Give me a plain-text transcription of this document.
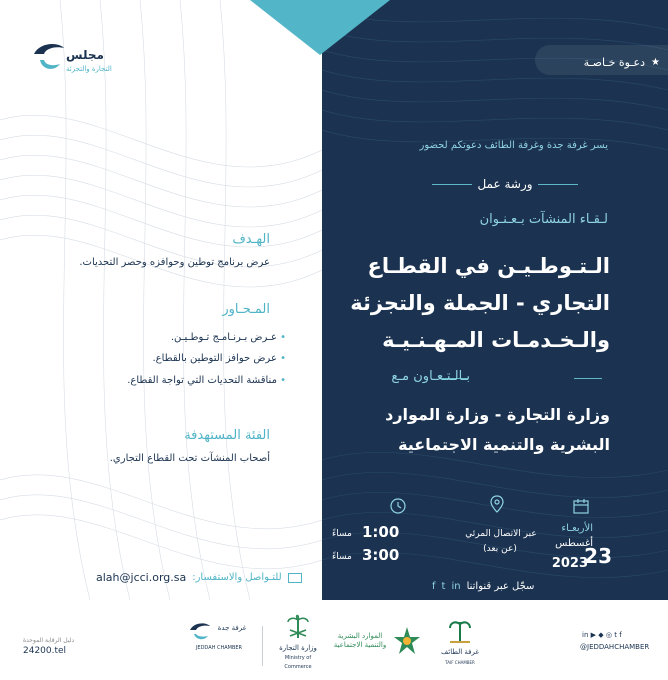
مجلس
التجارة والتجزئة
الهـدف
عرض برنامج توطين وحوافزه وحصر التحديات.
المـحـاور
• عـرض بـرنـامـج تـوطـيـن.
• عرض حوافز التوطين بالقطاع.
• مناقشة التحديات التي تواجة القطاع.
الفئة المستهدفة
أصحاب المنشآت تحت القطاع التجاري.
alah@jcci.org.sa للتـواصل والاستفسار:
★
دعـوة خـاصـة
يسر غرفة جدة وغرفة الطائف دعوتكم لحضور
ورشة عمل
لـقـاء المنشآت بـعـنـوان
الـتـوطـيـن في القطـاع
التجاري - الجملة والتجزئة
والـخـدمـات المـهـنـيـة
بـالـتـعـاون مـع
وزارة التجارة - وزارة الموارد
البشرية والتنمية الاجتماعية
الأربعـاء
أغسطس
23
2023
عبر الاتصال المرئي
(عن بعد)
1:00
مساءً
3:00
مساءً
f t in سجّل عبر قنواتنا
دليل الرقابة الموحدة
24200.tel
غرفة جدة
JEDDAH CHAMBER	وزارة التجارة
Ministry of Commerce
الموارد البشرية
والتنمية الاجتماعية
غرفة الطائف
TAIF CHAMBER
in ▶ ◆ ◎ t f
@JEDDAHCHAMBER
